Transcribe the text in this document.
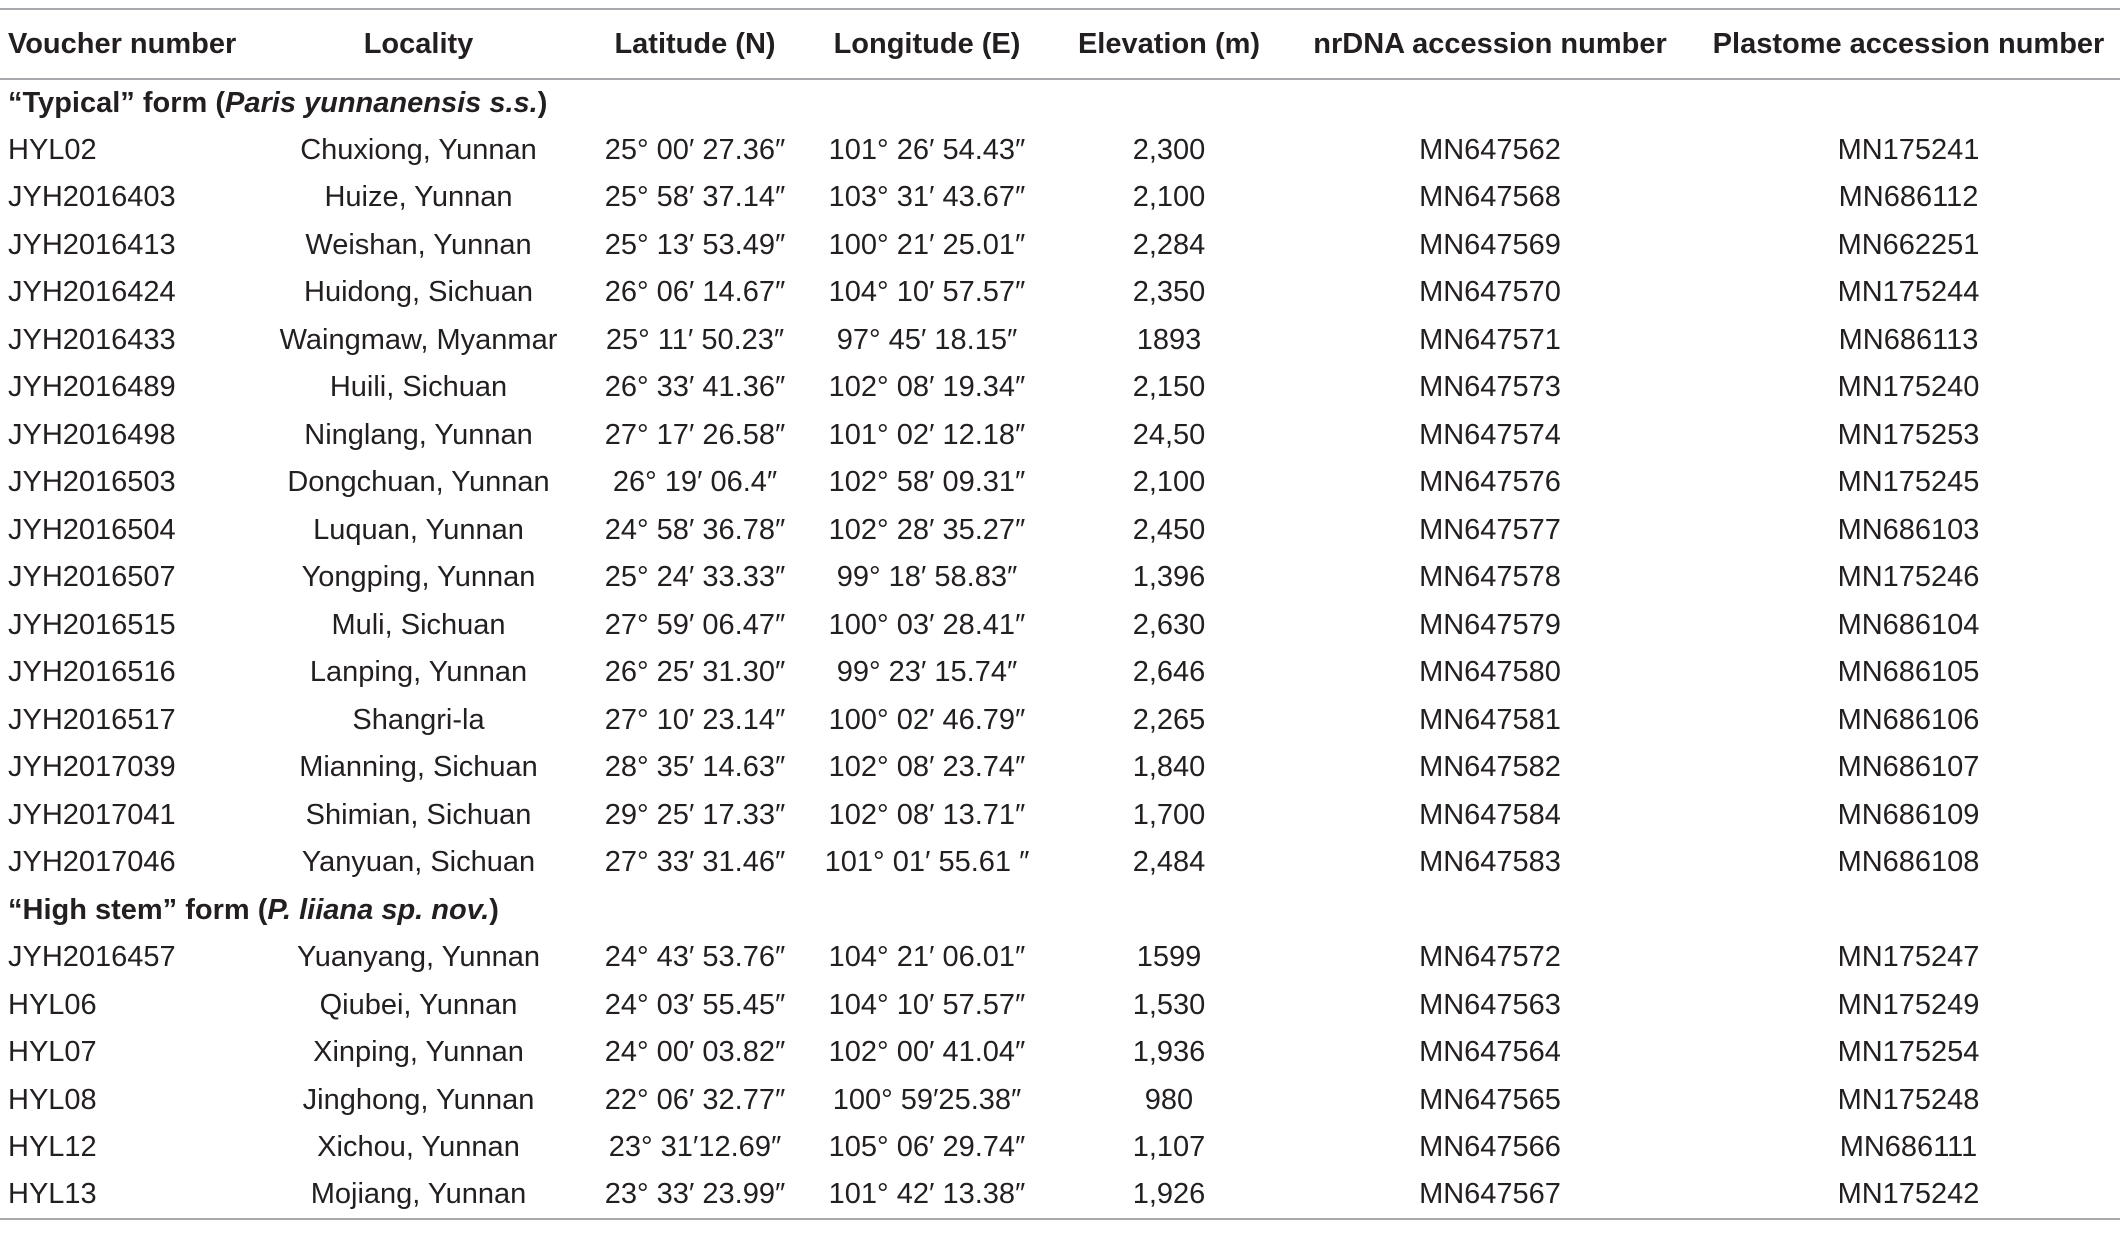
Voucher number	Locality	Latitude (N)	Longitude (E)	Elevation (m)	nrDNA accession number	Plastome accession number
“Typical” form (Paris yunnanensis s.s.)						
HYL02	Chuxiong, Yunnan	25° 00′ 27.36″	101° 26′ 54.43″	2,300	MN647562	MN175241
JYH2016403	Huize, Yunnan	25° 58′ 37.14″	103° 31′ 43.67″	2,100	MN647568	MN686112
JYH2016413	Weishan, Yunnan	25° 13′ 53.49″	100° 21′ 25.01″	2,284	MN647569	MN662251
JYH2016424	Huidong, Sichuan	26° 06′ 14.67″	104° 10′ 57.57″	2,350	MN647570	MN175244
JYH2016433	Waingmaw, Myanmar	25° 11′ 50.23″	97° 45′ 18.15″	1893	MN647571	MN686113
JYH2016489	Huili, Sichuan	26° 33′ 41.36″	102° 08′ 19.34″	2,150	MN647573	MN175240
JYH2016498	Ninglang, Yunnan	27° 17′ 26.58″	101° 02′ 12.18″	24,50	MN647574	MN175253
JYH2016503	Dongchuan, Yunnan	26° 19′ 06.4″	102° 58′ 09.31″	2,100	MN647576	MN175245
JYH2016504	Luquan, Yunnan	24° 58′ 36.78″	102° 28′ 35.27″	2,450	MN647577	MN686103
JYH2016507	Yongping, Yunnan	25° 24′ 33.33″	99° 18′ 58.83″	1,396	MN647578	MN175246
JYH2016515	Muli, Sichuan	27° 59′ 06.47″	100° 03′ 28.41″	2,630	MN647579	MN686104
JYH2016516	Lanping, Yunnan	26° 25′ 31.30″	99° 23′ 15.74″	2,646	MN647580	MN686105
JYH2016517	Shangri-la	27° 10′ 23.14″	100° 02′ 46.79″	2,265	MN647581	MN686106
JYH2017039	Mianning, Sichuan	28° 35′ 14.63″	102° 08′ 23.74″	1,840	MN647582	MN686107
JYH2017041	Shimian, Sichuan	29° 25′ 17.33″	102° 08′ 13.71″	1,700	MN647584	MN686109
JYH2017046	Yanyuan, Sichuan	27° 33′ 31.46″	101° 01′ 55.61 ″	2,484	MN647583	MN686108
“High stem” form (P. liiana sp. nov.)						
JYH2016457	Yuanyang, Yunnan	24° 43′ 53.76″	104° 21′ 06.01″	1599	MN647572	MN175247
HYL06	Qiubei, Yunnan	24° 03′ 55.45″	104° 10′ 57.57″	1,530	MN647563	MN175249
HYL07	Xinping, Yunnan	24° 00′ 03.82″	102° 00′ 41.04″	1,936	MN647564	MN175254
HYL08	Jinghong, Yunnan	22° 06′ 32.77″	100° 59′25.38″	980	MN647565	MN175248
HYL12	Xichou, Yunnan	23° 31′12.69″	105° 06′ 29.74″	1,107	MN647566	MN686111
HYL13	Mojiang, Yunnan	23° 33′ 23.99″	101° 42′ 13.38″	1,926	MN647567	MN175242
